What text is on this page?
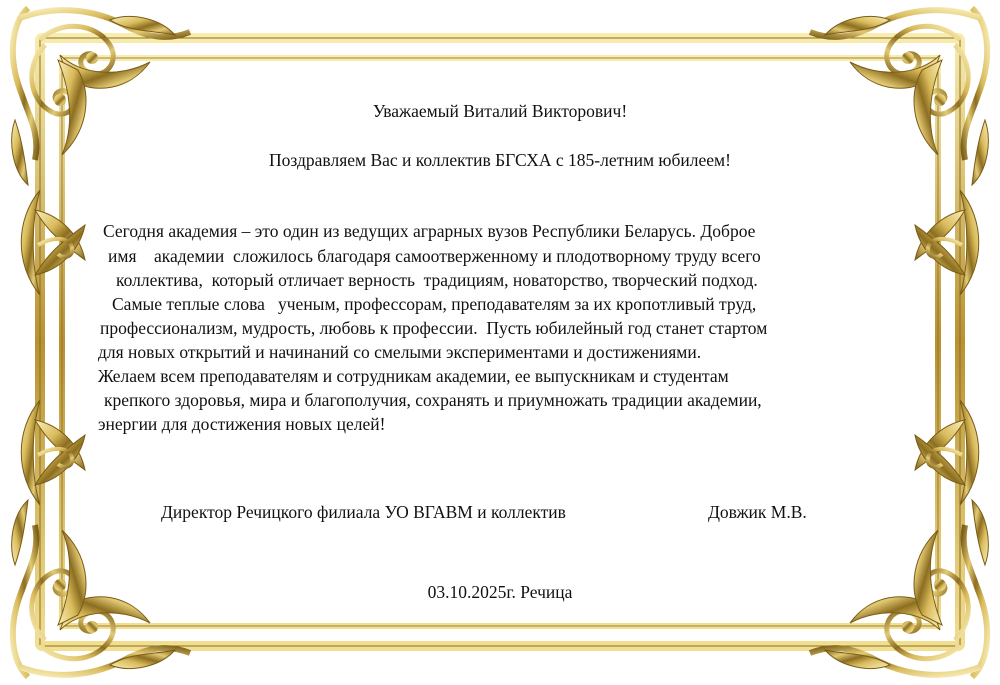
Уважаемый Виталий Викторович!
Поздравляем Вас и коллектив БГСХА с 185-летним юбилеем!
Сегодня академия – это один из ведущих аграрных вузов Республики Беларусь. Доброе
имя    академии  сложилось благодаря самоотверженному и плодотворному труду всего
коллектива,  который отличает верность  традициям, новаторство, творческий подход.
Самые теплые слова   ученым, профессорам, преподавателям за их кропотливый труд,
профессионализм, мудрость, любовь к профессии.  Пусть юбилейный год станет стартом
для новых открытий и начинаний со смелыми экспериментами и достижениями.
Желаем всем преподавателям и сотрудникам академии, ее выпускникам и студентам
крепкого здоровья, мира и благополучия, сохранять и приумножать традиции академии,
энергии для достижения новых целей!
Директор Речицкого филиала УО ВГАВМ и коллектив	Довжик М.В.
03.10.2025г. Речица
